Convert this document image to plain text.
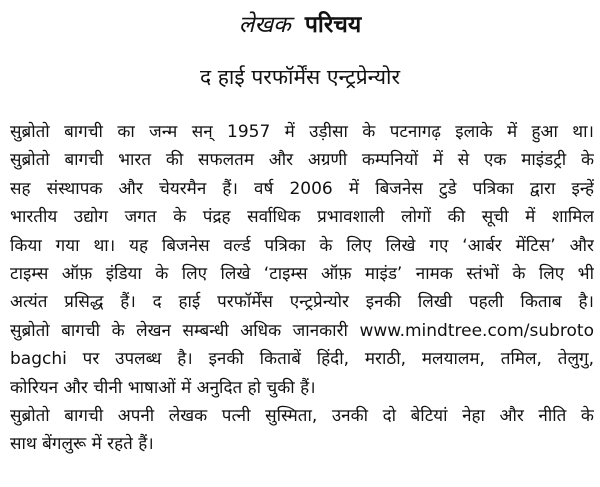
लेखक परिचय
द हाई परफॉर्मेंस एन्ट्रप्रेन्योर
सुब्रोतो बागची का जन्म सन् 1957 में उड़ीसा के पटनागढ़ इलाके में हुआ था।
सुब्रोतो बागची भारत की सफलतम और अग्रणी कम्पनियों में से एक माइंडट्री के
सह संस्थापक और चेयरमैन हैं। वर्ष 2006 में बिजनेस टुडे पत्रिका द्वारा इन्हें
भारतीय उद्योग जगत के पंद्रह सर्वाधिक प्रभावशाली लोगों की सूची में शामिल
किया गया था। यह बिजनेस वर्ल्ड पत्रिका के लिए लिखे गए ‘आर्बर मेंटिस’ और
टाइम्स ऑफ़ इंडिया के लिए लिखे ‘टाइम्स ऑफ़ माइंड’ नामक स्तंभों के लिए भी
अत्यंत प्रसिद्ध हैं। द हाई परफॉर्मेंस एन्ट्रप्रेन्योर इनकी लिखी पहली किताब है।
सुब्रोतो बागची के लेखन सम्बन्धी अधिक जानकारी www.mindtree.com/subroto
bagchi पर उपलब्ध है। इनकी किताबें हिंदी, मराठी, मलयालम, तमिल, तेलुगु,
कोरियन और चीनी भाषाओं में अनुदित हो चुकी हैं।
सुब्रोतो बागची अपनी लेखक पत्नी सुस्मिता, उनकी दो बेटियां नेहा और नीति के
साथ बेंगलुरू में रहते हैं।
